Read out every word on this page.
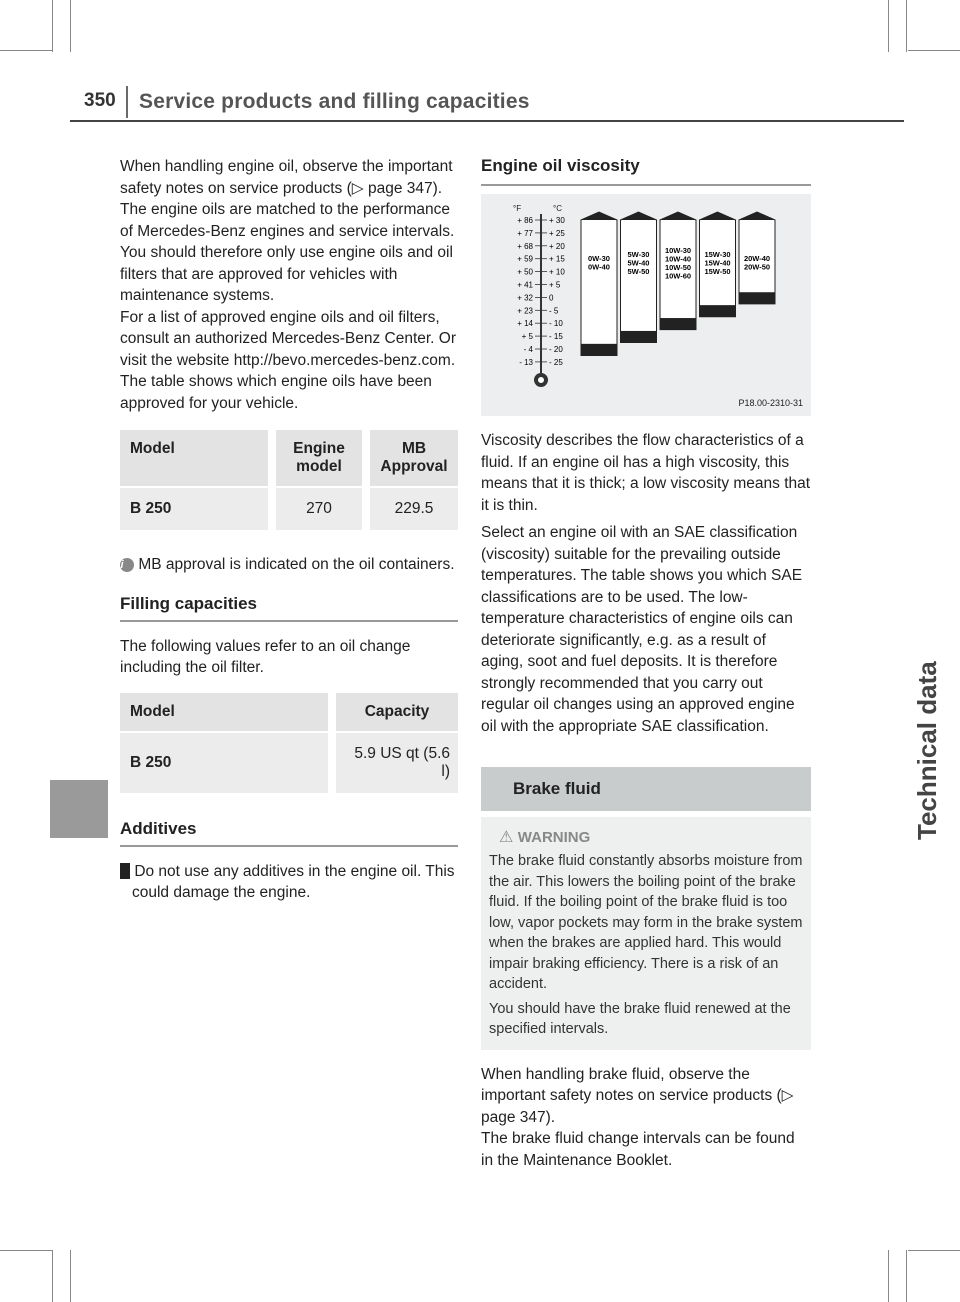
350 Service products and filling capacities
Technical data

When handling engine oil, observe the important safety notes on service products (▷ page 347).

The engine oils are matched to the performance of Mercedes-Benz engines and service intervals. You should therefore only use engine oils and oil filters that are approved for vehicles with maintenance systems.

For a list of approved engine oils and oil filters, consult an authorized Mercedes-Benz Center. Or visit the website http://bevo.mercedes-benz.com.

The table shows which engine oils have been approved for your vehicle.

Model	Engine model	MB Approval
B 250	270	229.5

i MB approval is indicated on the oil containers.

Filling capacities

The following values refer to an oil change including the oil filter.

Model	Capacity
B 250	5.9 US qt (5.6 l)
Additives

! Do not use any additives in the engine oil. This could damage the engine.

Engine oil viscosity
°F	°C
+ 86 + 30
+ 77 + 25
+ 68 + 20
+ 59 + 15
+ 50 + 10
+ 41 + 5
+ 32 0
+ 23 - 5
+ 14 - 10
+ 5 - 15
- 4 - 20
- 13 - 25
0W-30
0W-40
5W-30
5W-40
5W-50
10W-30
10W-40
10W-50
10W-60
15W-30
15W-40
15W-50
20W-40
20W-50
P18.00-2310-31

Viscosity describes the flow characteristics of a fluid. If an engine oil has a high viscosity, this means that it is thick; a low viscosity means that it is thin.

Select an engine oil with an SAE classification (viscosity) suitable for the prevailing outside temperatures. The table shows you which SAE classifications are to be used. The low-temperature characteristics of engine oils can deteriorate significantly, e.g. as a result of aging, soot and fuel deposits. It is therefore strongly recommended that you carry out regular oil changes using an approved engine oil with the appropriate SAE classification.

Brake fluid
⚠ WARNING

The brake fluid constantly absorbs moisture from the air. This lowers the boiling point of the brake fluid. If the boiling point of the brake fluid is too low, vapor pockets may form in the brake system when the brakes are applied hard. This would impair braking efficiency. There is a risk of an accident.

You should have the brake fluid renewed at the specified intervals.

When handling brake fluid, observe the important safety notes on service products (▷ page 347).

The brake fluid change intervals can be found in the Maintenance Booklet.
